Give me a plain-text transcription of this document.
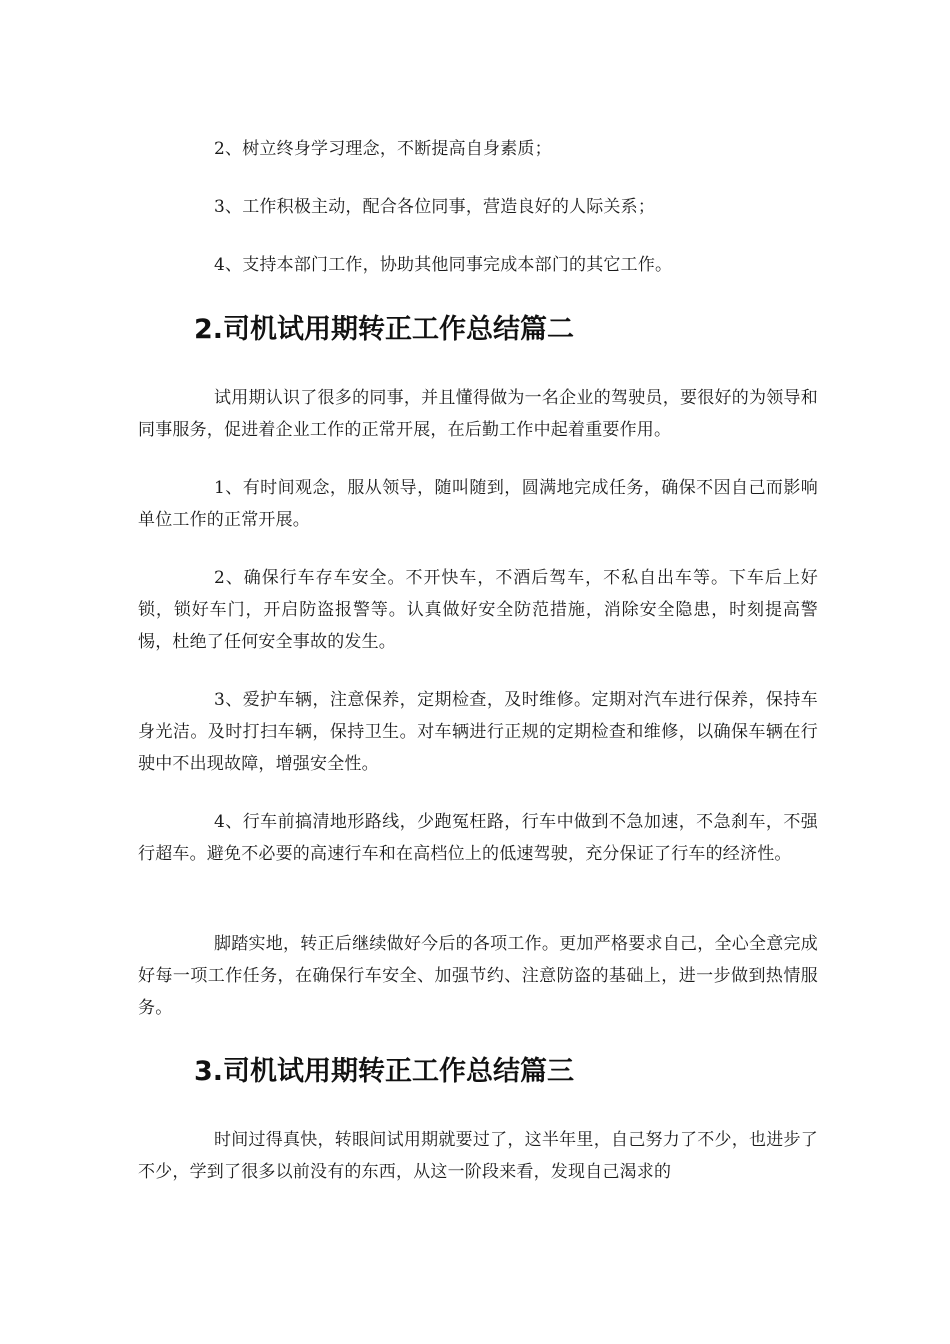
2、树立终身学习理念，不断提高自身素质；

3、工作积极主动，配合各位同事，营造良好的人际关系；

4、支持本部门工作，协助其他同事完成本部门的其它工作。

2.司机试用期转正工作总结篇二

试用期认识了很多的同事，并且懂得做为一名企业的驾驶员，要很好的为领导和同事服务，促进着企业工作的正常开展，在后勤工作中起着重要作用。

1、有时间观念，服从领导，随叫随到，圆满地完成任务，确保不因自己而影响单位工作的正常开展。

2、确保行车存车安全。不开快车，不酒后驾车，不私自出车等。下车后上好锁，锁好车门，开启防盗报警等。认真做好安全防范措施，消除安全隐患，时刻提高警惕，杜绝了任何安全事故的发生。

3、爱护车辆，注意保养，定期检查，及时维修。定期对汽车进行保养，保持车身光洁。及时打扫车辆，保持卫生。对车辆进行正规的定期检查和维修，以确保车辆在行驶中不出现故障，增强安全性。

4、行车前搞清地形路线，少跑冤枉路，行车中做到不急加速，不急刹车，不强行超车。避免不必要的高速行车和在高档位上的低速驾驶，充分保证了行车的经济性。

脚踏实地，转正后继续做好今后的各项工作。更加严格要求自己，全心全意完成好每一项工作任务，在确保行车安全、加强节约、注意防盗的基础上，进一步做到热情服务。

3.司机试用期转正工作总结篇三

时间过得真快，转眼间试用期就要过了，这半年里，自己努力了不少，也进步了不少，学到了很多以前没有的东西，从这一阶段来看，发现自己渴求的
